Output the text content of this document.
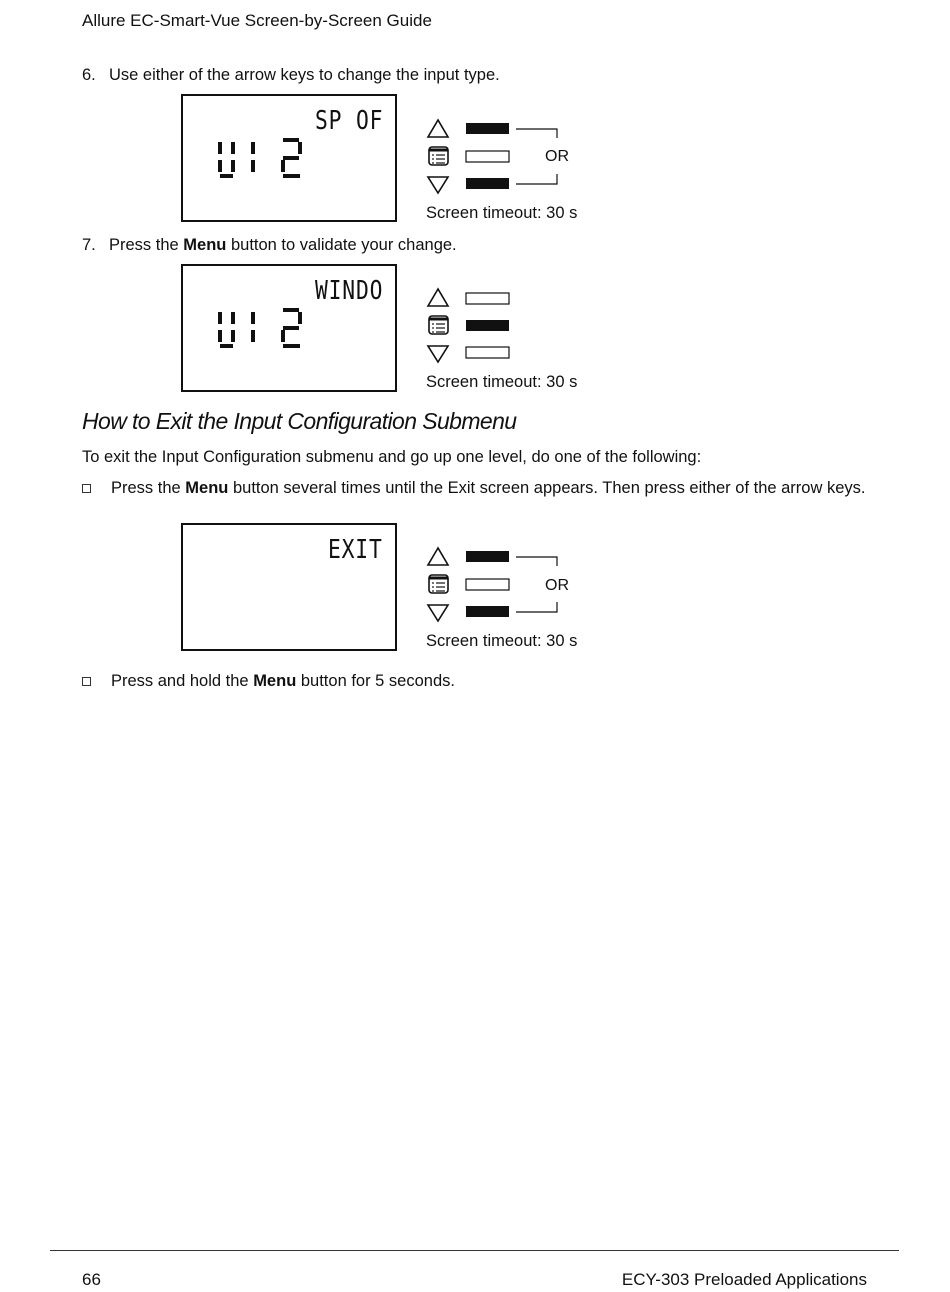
Allure EC-Smart-Vue Screen-by-Screen Guide
6. Use either of the arrow keys to change the input type.
SP OF
OR
Screen timeout: 30 s
7. Press the Menu button to validate your change.
WINDO
Screen timeout: 30 s
How to Exit the Input Configuration Submenu
To exit the Input Configuration submenu and go up one level, do one of the following:
Press the Menu button several times until the Exit screen appears. Then press either of the arrow keys.
EXIT
OR
Screen timeout: 30 s
Press and hold the Menu button for 5 seconds.
66	ECY-303 Preloaded Applications
